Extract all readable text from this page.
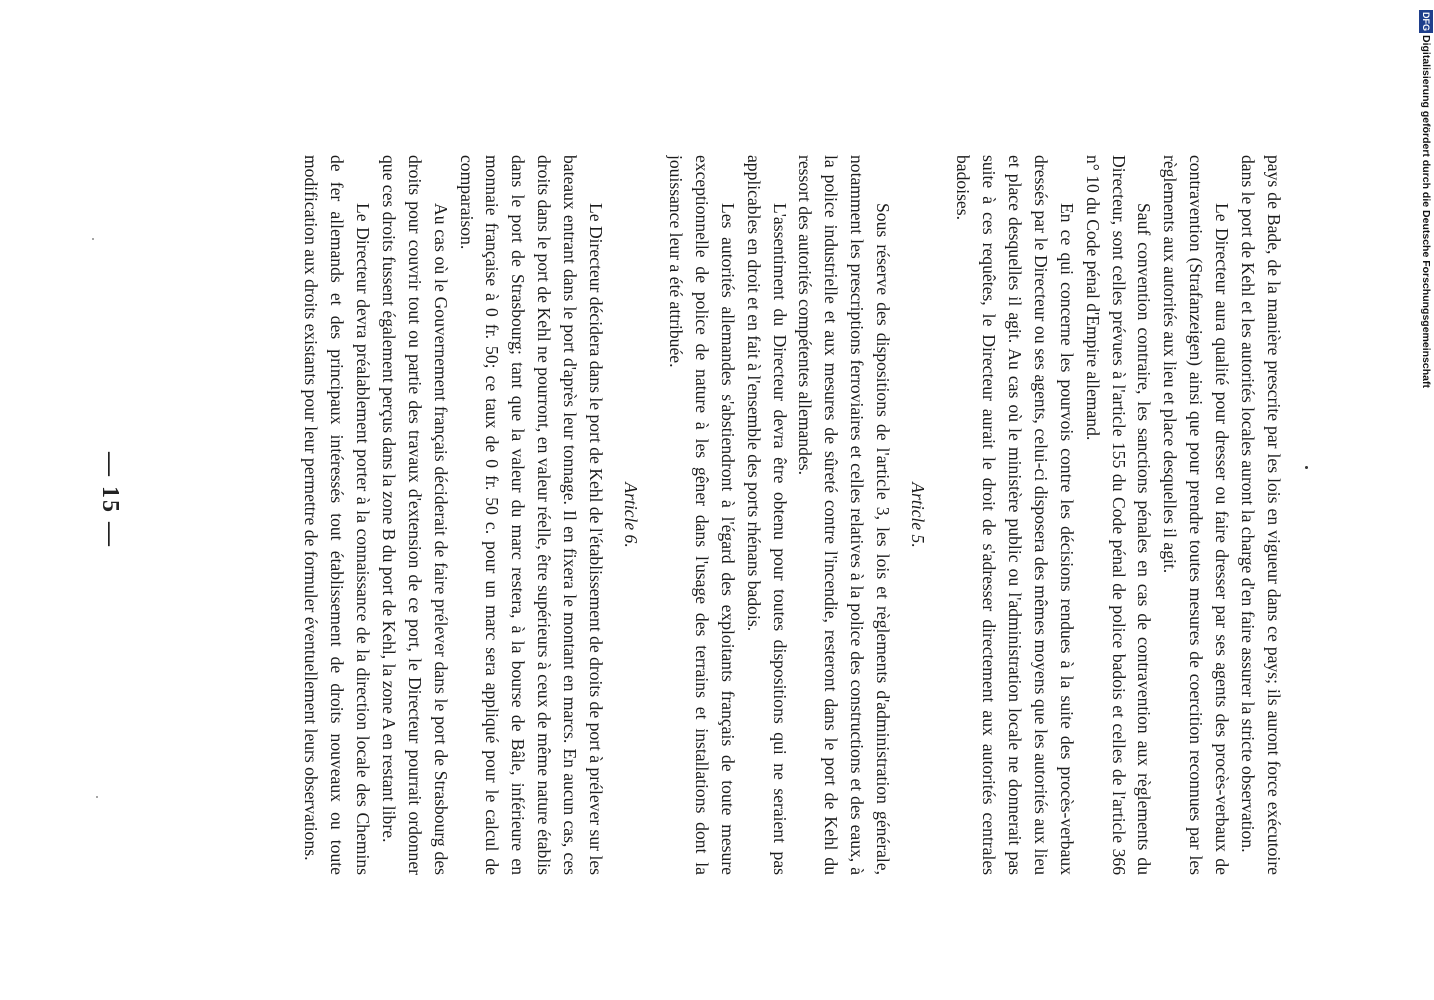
— 15 —	pays de Bade, de la manière prescrite par les lois en vigueur dans ce pays; ils auront force exécutoire dans le port de Kehl et les autorités locales auront la charge d'en faire assurer la stricte observation.

Le Directeur aura qualité pour dresser ou faire dresser par ses agents des procès-verbaux de contravention (Strafanzeigen) ainsi que pour prendre toutes mesures de coercition reconnues par les règlements aux autorités aux lieu et place desquelles il agit.

Sauf convention contraire, les sanctions pénales en cas de contravention aux règlements du Directeur, sont celles prévues à l'article 155 du Code pénal de police badois et celles de l'article 366 n° 10 du Code pénal d'Empire allemand.

En ce qui concerne les pourvois contre les décisions rendues à la suite des procès-verbaux dressés par le Directeur ou ses agents, celui-ci disposera des mêmes moyens que les autorités aux lieu et place desquelles il agit. Au cas où le ministère public ou l'administration locale ne donnerait pas suite à ces requêtes, le Directeur aurait le droit de s'adresser directement aux autorités centrales badoises.

Article 5.

Sous réserve des dispositions de l'article 3, les lois et règlements d'administration générale, notamment les prescriptions ferroviaires et celles relatives à la police des constructions et des eaux, à la police industrielle et aux mesures de sûreté contre l'incendie, resteront dans le port de Kehl du ressort des autorités compétentes allemandes.

L'assentiment du Directeur devra être obtenu pour toutes dispositions qui ne seraient pas applicables en droit et en fait à l'ensemble des ports rhénans badois.

Les autorités allemandes s'abstiendront à l'égard des exploitants français de toute mesure exceptionnelle de police de nature à les gêner dans l'usage des terrains et installations dont la jouissance leur a été attribuée.

Article 6.

Le Directeur décidera dans le port de Kehl de l'établissement de droits de port à prélever sur les bateaux entrant dans le port d'après leur tonnage. Il en fixera le montant en marcs. En aucun cas, ces droits dans le port de Kehl ne pourront, en valeur réelle, être supérieurs à ceux de même nature établis dans le port de Strasbourg; tant que la valeur du marc restera, à la bourse de Bâle, inférieure en monnaie française à 0 fr. 50; ce taux de 0 fr. 50 c. pour un marc sera appliqué pour le calcul de comparaison.

Au cas où le Gouvernement français déciderait de faire prélever dans le port de Strasbourg des droits pour couvrir tout ou partie des travaux d'extension de ce port, le Directeur pourrait ordonner que ces droits fussent également perçus dans la zone B du port de Kehl, la zone A en restant libre.

Le Directeur devra préalablement porter à la connaissance de la direction locale des Chemins de fer allemands et des principaux intéressés tout établissement de droits nouveaux ou toute modification aux droits existants pour leur permettre de formuler éventuellement leurs observations.

DFGDigitalisierung gefördert durch die Deutsche Forschungsgemeinschaft
